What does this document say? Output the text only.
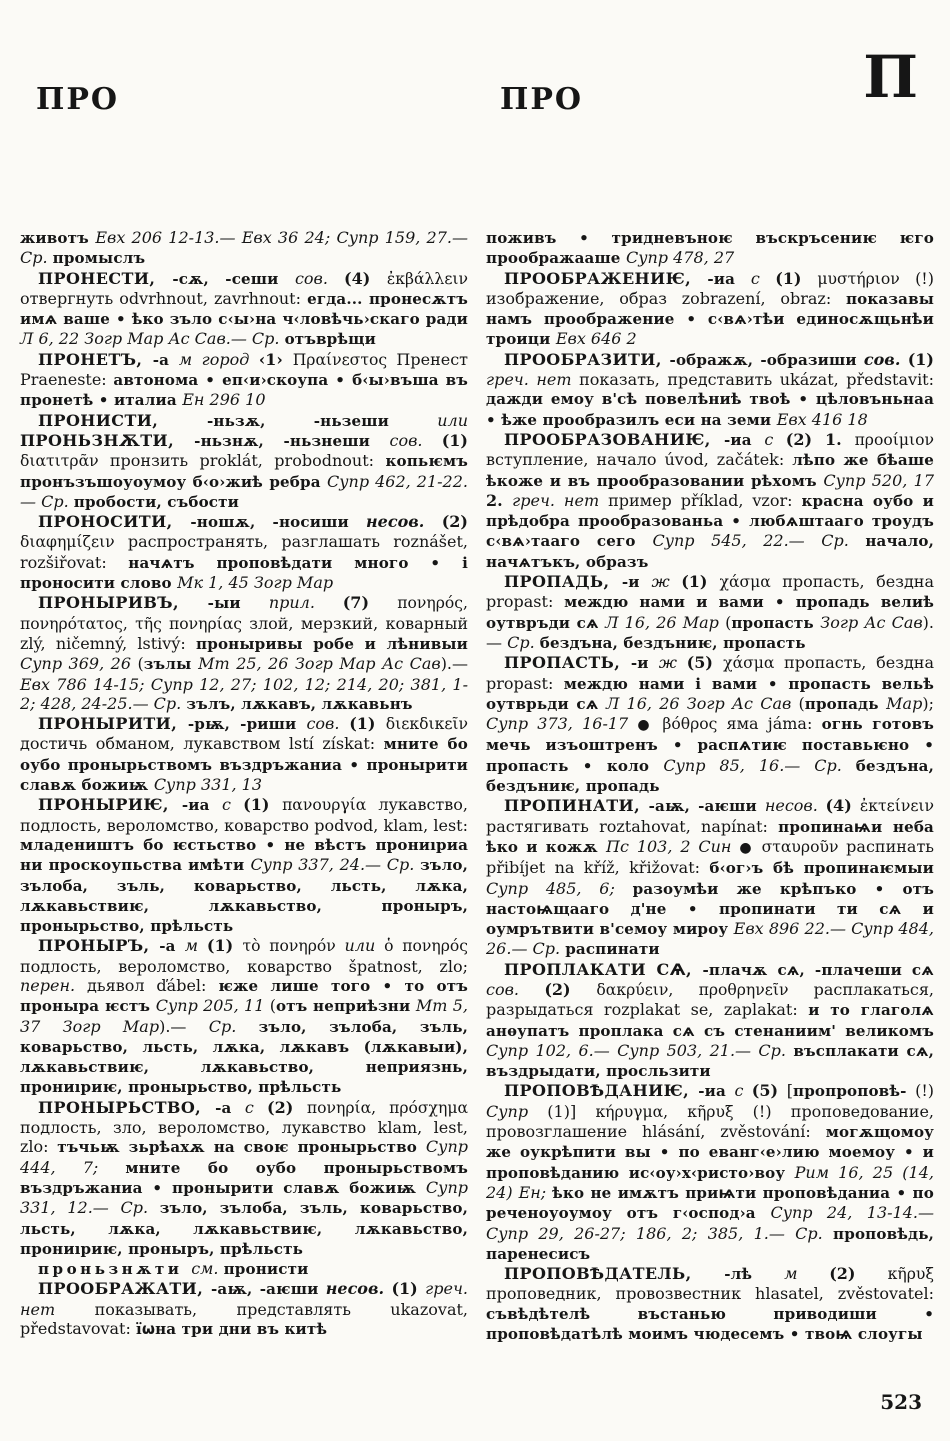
ПРО	ПРО	П

животъ Евх 206 12-13.— Евх 36 24; Супр 159, 27.— Ср. промыслъ

ПРОНЕСТИ, -сѫ, -сеши сов. (4) ἐκβάλλειν отвергнуть odvrhnout, zavrhnout: егда... пронесѫтъ имѧ ваше • ѣко зъло с‹ы›на ч‹ловѣчь›скаго ради Л 6, 22 Зогр Мар Ас Сав.— Ср. отъврѣщи

ПРОНЕТЪ, -а м город ‹1› Πραίνεστος Пренест Praeneste: автонома • еп‹и›скоупа • б‹ы›въша въ пронетѣ • италиа Ен 296 10

ПРОНИСТИ, -ньзѫ, -ньзеши или ПРОНЬЗНѪТИ, -ньзнѫ, -ньзнеши сов. (1) διατιτρᾶν пронзить proklát, probodnout: копьѥмъ пронъзъшоуоумоу б‹о›жиѣ ребра Супр 462, 21-22.— Ср. пробости, събости

ПРОНОСИТИ, -ношѫ, -носиши несов. (2) διαφημίζειν распространять, разглашать roznášet, rozšiřovat: начѧтъ проповѣдати много • і проносити слово Мк 1, 45 Зогр Мар

ПРОНЫРИВЪ, -ыи прил. (7) πονηρός, πονηρότατος, τῆς πονηρίας злой, мерзкий, коварный zlý, ničemný, lstivý: проныривы робе и лѣнивыи Супр 369, 26 (зълы Мт 25, 26 Зогр Мар Ас Сав).— Евх 786 14-15; Супр 12, 27; 102, 12; 214, 20; 381, 1-2; 428, 24-25.— Ср. зълъ, лѫкавъ, лѫкавьнъ

ПРОНЫРИТИ, -рѭ, -риши сов. (1) διεκδικεῖν достичь обманом, лукавством lstí získat: мните бо оубо пронырьствомъ въздръжаниа • пронырити славѫ божиѭ Супр 331, 13

ПРОНЫРИѤ, -иа с (1) πανουργία лукавство, подлость, вероломство, коварство podvod, klam, lest: младеништъ бо ѥстьство • не вѣстъ прониıриа ни проскоупьства имѣти Супр 337, 24.— Ср. зъло, зълоба, зъль, коварьство, льсть, лѫка, лѫкавьствиѥ, лѫкавьство, проныръ, пронырьство, прѣльсть

ПРОНЫРЪ, -а м (1) τὸ πονηρόν или ὁ πονηρός подлость, вероломство, коварство špatnost, zlo; перен. дьявол ďábel: ѥже лише того • то отъ проныра ѥстъ Супр 205, 11 (отъ неприѣзни Мт 5, 37 Зогр Мар).— Ср. зъло, зълоба, зъль, коварьство, льсть, лѫка, лѫкавъ (лѫкавыи), лѫкавьствиѥ, лѫкавьство, неприязнь, прониıриѥ, пронырьство, прѣльсть

ПРОНЫРЬСТВО, -а с (2) πονηρία, πρόσχημα подлость, зло, вероломство, лукавство klam, lest, zlo: тъчьѭ зьрѣахѫ на своѥ пронырьство Супр 444, 7; мните бо оубо пронырьствомъ въздръжаниа • пронырити славѫ божиѭ Супр 331, 12.— Ср. зъло, зълоба, зъль, коварьство, льсть, лѫка, лѫкавьствиѥ, лѫкавьство, прониıриѥ, проныръ, прѣльсть

проньзнѫти см. пронисти

ПРООБРАЖАТИ, -аѭ, -аѥши несов. (1) греч. нет показывать, представлять ukazovat, představovat: їѡна три дни въ китѣ

поживъ • тридневъноѥ въскръсениѥ ѥго проображааше Супр 478, 27

ПРООБРАЖЕНИѤ, -иа с (1) μυστήριον (!) изображение, образ zobrazení, obraz: показавы намъ проображение • с‹вѧ›тѣи единосѫщьнѣи троици Евх 646 2

ПРООБРАЗИТИ, -ображѫ, -образиши сов. (1) греч. нет показать, представить ukázat, představit: дажди емоу в'сѣ повелѣниѣ твоѣ • цѣловъньнаа • ѣже прообразилъ еси на земи Евх 416 18

ПРООБРАЗОВАНИѤ, -иа с (2) 1. προοίμιον вступление, начало úvod, začátek: лѣпо же бѣаше ѣкоже и въ прообразовании рѣхомъ Супр 520, 17 2. греч. нет пример příklad, vzor: красна оубо и прѣдобра прообразованьа • любѧштааго троудъ с‹вѧ›тааго сего Супр 545, 22.— Ср. начало, начѧтъкъ, образъ

ПРОПАДЬ, -и ж (1) χάσμα пропасть, бездна propast: междю нами и вами • пропадь велиѣ оутвръди сѧ Л 16, 26 Мар (пропасть Зогр Ас Сав).— Ср. бездъна, бездъниѥ, пропасть

ПРОПАСТЬ, -и ж (5) χάσμα пропасть, бездна propast: междю нами і вами • пропасть вельѣ оутврьди сѧ Л 16, 26 Зогр Ас Сав (пропадь Мар); Супр 373, 16-17 ● βόθρος яма jáma: огнь готовъ мечь изъоштренъ • распѧтиѥ поставьѥно • пропасть • коло Супр 85, 16.— Ср. бездъна, бездъниѥ, пропадь

ПРОПИНАТИ, -аѭ, -аѥши несов. (4) ἐκτείνειν растягивать roztahovat, napínat: пропинаѩи неба ѣко и кожѫ Пс 103, 2 Син ● σταυροῦν распинать přibíjet na kříž, křižovat: б‹ог›ъ бѣ пропинаѥмыи Супр 485, 6; разоумѣи же крѣпъко • отъ настоѩщааго д'не • пропинати ти сѧ и оумрътвити в'семоу мироу Евх 896 22.— Супр 484, 26.— Ср. распинати

ПРОПЛАКАТИ СѦ, -плачѫ сѧ, -плачеши сѧ сов. (2) δακρύειν, προθρηνεῖν расплакаться, разрыдаться rozplakat se, zaplakat: и то глаголѧ анѳупатъ проплака сѧ съ стенаниим' великомъ Супр 102, 6.— Супр 503, 21.— Ср. въсплакати сѧ, въздрыдати, просльзити

ПРОПОВѢДАНИѤ, -иа с (5) [пропроповѣ- (!) Супр (1)] κήρυγμα, κῆρυξ (!) проповедование, провозглашение hlásání, zvěstování: могѫщомоу же оукрѣпити вы • по еванг‹е›лию моемоу • и проповѣданию ис‹оу›х‹ристо›воу Рим 16, 25 (14, 24) Ен; ѣко не имѫтъ приѩти проповѣданиа • по реченоуоумоу отъ г‹оспод›а Супр 24, 13-14.— Супр 29, 26-27; 186, 2; 385, 1.— Ср. проповѣдь, паренесисъ

ПРОПОВѢДАТЕЛЬ, -лѣ м (2) κῆρυξ проповедник, провозвестник hlasatel, zvěstovatel: съвѣдѣтелѣ въстанью приводиши • проповѣдатѣлѣ моимъ чюдесемъ • твоѩ слоугы

523
